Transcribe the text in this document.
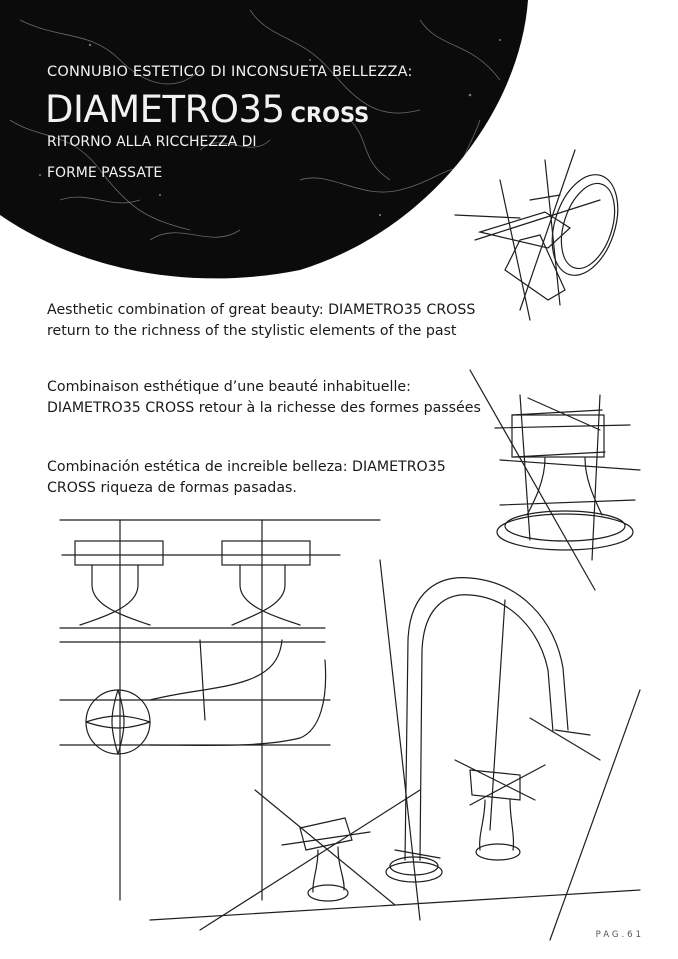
CONNUBIO ESTETICO DI INCONSUETA BELLEZZA:
DIAMETRO35 CROSS
RITORNO ALLA RICCHEZZA DI
FORME PASSATE
Aesthetic combination of great beauty: DIAMETRO35 CROSS return to the richness of the stylistic elements of the past
Combinaison esthétique d’une beauté inhabituelle: DIAMETRO35 CROSS retour à la richesse des formes passées
Combinación estética de increible belleza: DIAMETRO35 CROSS riqueza de formas pasadas.
PAG.61
